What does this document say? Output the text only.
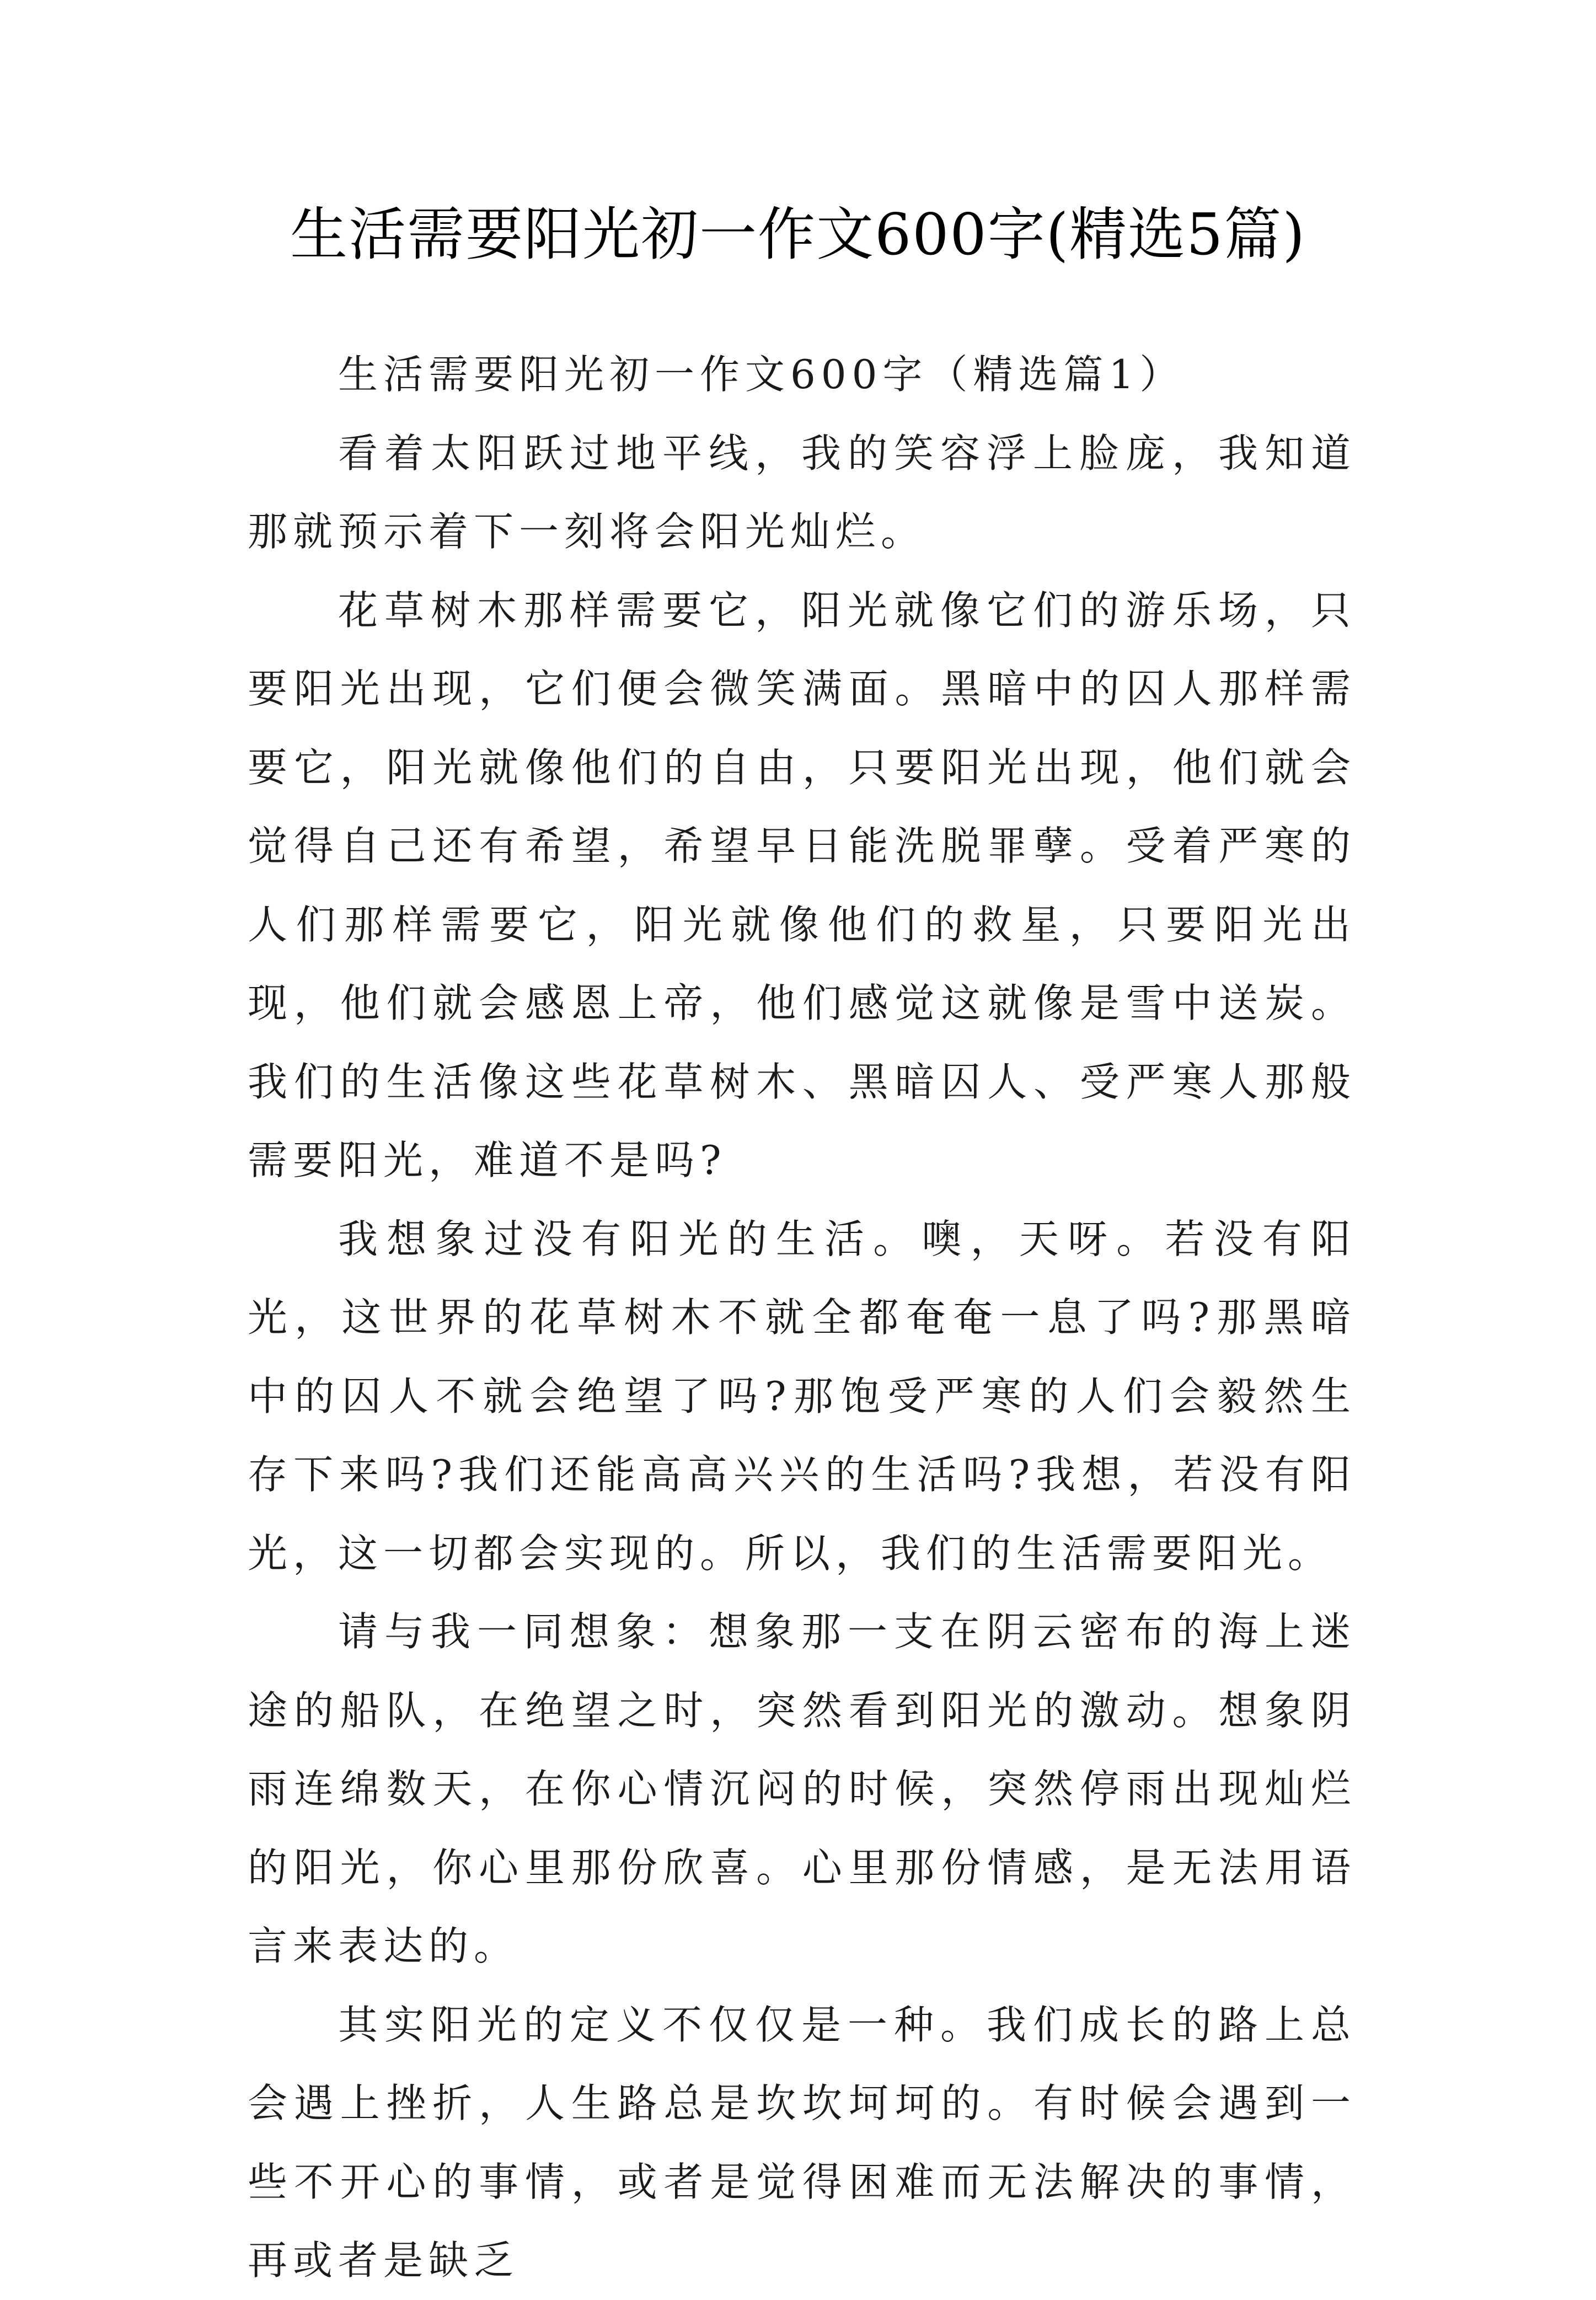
生活需要阳光初一作文600字(精选5篇)

生活需要阳光初一作文600字（精选篇1）

看着太阳跃过地平线，我的笑容浮上脸庞，我知道那就预示着下一刻将会阳光灿烂。

花草树木那样需要它，阳光就像它们的游乐场，只要阳光出现，它们便会微笑满面。黑暗中的囚人那样需要它，阳光就像他们的自由，只要阳光出现，他们就会觉得自己还有希望，希望早日能洗脱罪孽。受着严寒的人们那样需要它，阳光就像他们的救星，只要阳光出现，他们就会感恩上帝，他们感觉这就像是雪中送炭。我们的生活像这些花草树木、黑暗囚人、受严寒人那般需要阳光，难道不是吗?

我想象过没有阳光的生活。噢，天呀。若没有阳光，这世界的花草树木不就全都奄奄一息了吗?那黑暗中的囚人不就会绝望了吗?那饱受严寒的人们会毅然生存下来吗?我们还能高高兴兴的生活吗?我想，若没有阳光，这一切都会实现的。所以，我们的生活需要阳光。

请与我一同想象：想象那一支在阴云密布的海上迷途的船队，在绝望之时，突然看到阳光的激动。想象阴雨连绵数天，在你心情沉闷的时候，突然停雨出现灿烂的阳光，你心里那份欣喜。心里那份情感，是无法用语言来表达的。

其实阳光的定义不仅仅是一种。我们成长的路上总会遇上挫折，人生路总是坎坎坷坷的。有时候会遇到一些不开心的事情，或者是觉得困难而无法解决的事情，再或者是缺乏
